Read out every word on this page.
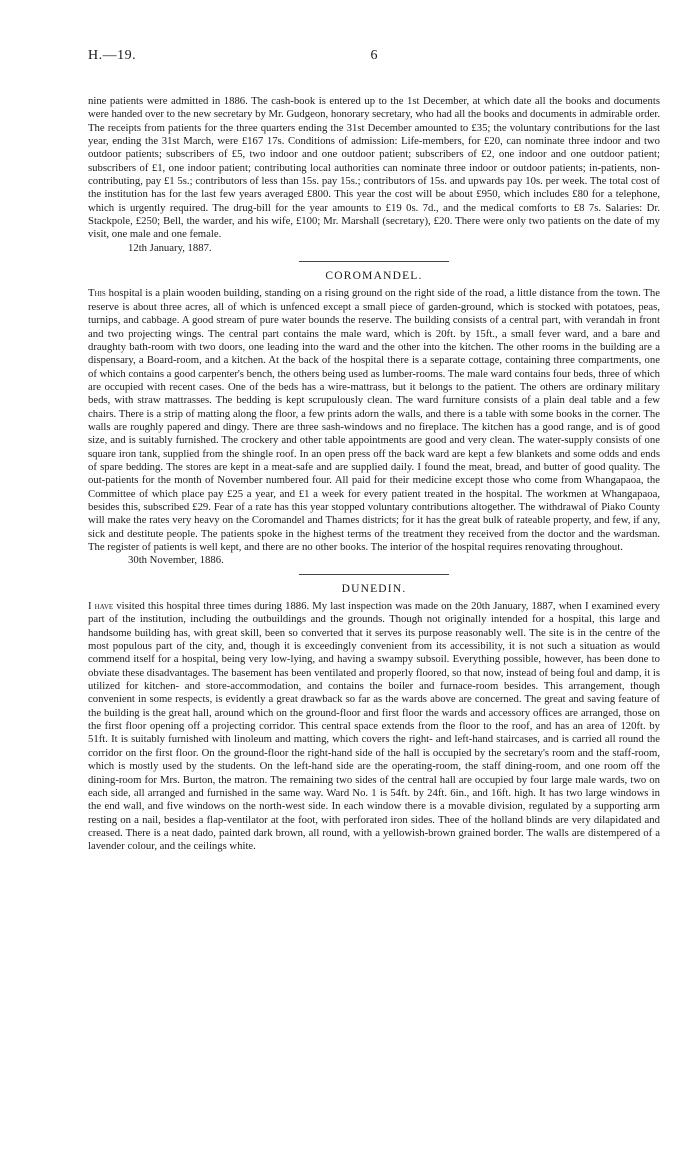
H.—19.	6

nine patients were admitted in 1886. The cash-book is entered up to the 1st December, at which date all the books and documents were handed over to the new secretary by Mr. Gudgeon, honorary secretary, who had all the books and documents in admirable order. The receipts from patients for the three quarters ending the 31st December amounted to £35; the voluntary contributions for the last year, ending the 31st March, were £167 17s. Conditions of admission: Life-members, for £20, can nominate three indoor and two outdoor patients; subscribers of £5, two indoor and one outdoor patient; subscribers of £2, one indoor and one outdoor patient; subscribers of £1, one indoor patient; contributing local authorities can nominate three indoor or outdoor patients; in-patients, non-contributing, pay £1 5s.; contributors of less than 15s. pay 15s.; contributors of 15s. and upwards pay 10s. per week. The total cost of the institution has for the last few years averaged £800. This year the cost will be about £950, which includes £80 for a telephone, which is urgently required. The drug-bill for the year amounts to £19 0s. 7d., and the medical comforts to £8 7s. Salaries: Dr. Stackpole, £250; Bell, the warder, and his wife, £100; Mr. Marshall (secretary), £20. There were only two patients on the date of my visit, one male and one female.

12th January, 1887.

COROMANDEL.

This hospital is a plain wooden building, standing on a rising ground on the right side of the road, a little distance from the town. The reserve is about three acres, all of which is unfenced except a small piece of garden-ground, which is stocked with potatoes, peas, turnips, and cabbage. A good stream of pure water bounds the reserve. The building consists of a central part, with verandah in front and two projecting wings. The central part contains the male ward, which is 20ft. by 15ft., a small fever ward, and a bare and draughty bath-room with two doors, one leading into the ward and the other into the kitchen. The other rooms in the building are a dispensary, a Board-room, and a kitchen. At the back of the hospital there is a separate cottage, containing three compartments, one of which contains a good carpenter's bench, the others being used as lumber-rooms. The male ward contains four beds, three of which are occupied with recent cases. One of the beds has a wire-mattrass, but it belongs to the patient. The others are ordinary military beds, with straw mattrasses. The bedding is kept scrupulously clean. The ward furniture consists of a plain deal table and a few chairs. There is a strip of matting along the floor, a few prints adorn the walls, and there is a table with some books in the corner. The walls are roughly papered and dingy. There are three sash-windows and no fireplace. The kitchen has a good range, and is of good size, and is suitably furnished. The crockery and other table appointments are good and very clean. The water-supply consists of one square iron tank, supplied from the shingle roof. In an open press off the back ward are kept a few blankets and some odds and ends of spare bedding. The stores are kept in a meat-safe and are supplied daily. I found the meat, bread, and butter of good quality. The out-patients for the month of November numbered four. All paid for their medicine except those who come from Whangapaoa, the Committee of which place pay £25 a year, and £1 a week for every patient treated in the hospital. The workmen at Whangapaoa, besides this, subscribed £29. Fear of a rate has this year stopped voluntary contributions altogether. The withdrawal of Piako County will make the rates very heavy on the Coromandel and Thames districts; for it has the great bulk of rateable property, and few, if any, sick and destitute people. The patients spoke in the highest terms of the treatment they received from the doctor and the wardsman. The register of patients is well kept, and there are no other books. The interior of the hospital requires renovating throughout.

30th November, 1886.

DUNEDIN.

I have visited this hospital three times during 1886. My last inspection was made on the 20th January, 1887, when I examined every part of the institution, including the outbuildings and the grounds. Though not originally intended for a hospital, this large and handsome building has, with great skill, been so converted that it serves its purpose reasonably well. The site is in the centre of the most populous part of the city, and, though it is exceedingly convenient from its accessibility, it is not such a situation as would commend itself for a hospital, being very low-lying, and having a swampy subsoil. Everything possible, however, has been done to obviate these disadvantages. The basement has been ventilated and properly floored, so that now, instead of being foul and damp, it is utilized for kitchen- and store-accommodation, and contains the boiler and furnace-room besides. This arrangement, though convenient in some respects, is evidently a great drawback so far as the wards above are concerned. The great and saving feature of the building is the great hall, around which on the ground-floor and first floor the wards and accessory offices are arranged, those on the first floor opening off a projecting corridor. This central space extends from the floor to the roof, and has an area of 120ft. by 51ft. It is suitably furnished with linoleum and matting, which covers the right- and left-hand staircases, and is carried all round the corridor on the first floor. On the ground-floor the right-hand side of the hall is occupied by the secretary's room and the staff-room, which is mostly used by the students. On the left-hand side are the operating-room, the staff dining-room, and one room off the dining-room for Mrs. Burton, the matron. The remaining two sides of the central hall are occupied by four large male wards, two on each side, all arranged and furnished in the same way. Ward No. 1 is 54ft. by 24ft. 6in., and 16ft. high. It has two large windows in the end wall, and five windows on the north-west side. In each window there is a movable division, regulated by a supporting arm resting on a nail, besides a flap-ventilator at the foot, with perforated iron sides. Thee of the holland blinds are very dilapidated and creased. There is a neat dado, painted dark brown, all round, with a yellowish-brown grained border. The walls are distempered of a lavender colour, and the ceilings white.
